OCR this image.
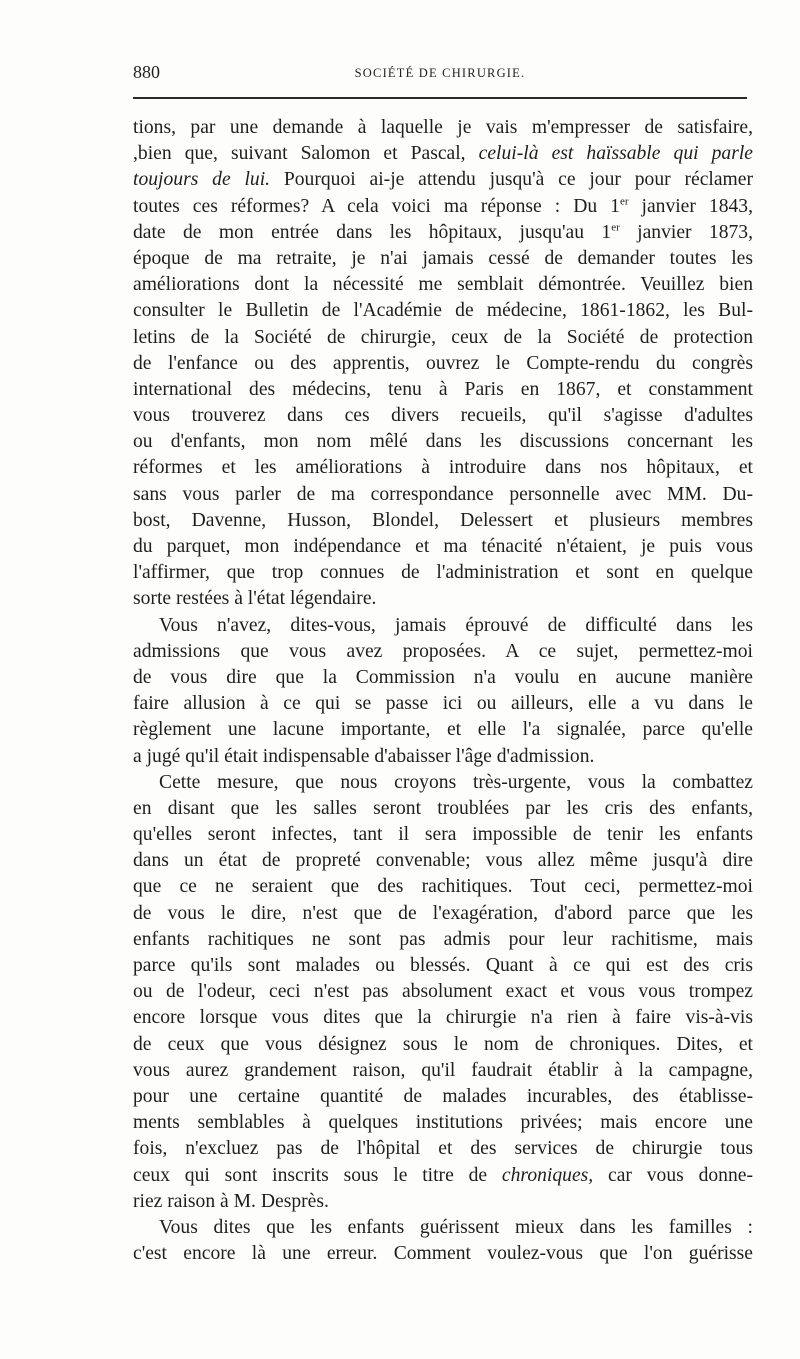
880	SOCIÉTÉ DE CHIRURGIE.
tions, par une demande à laquelle je vais m'empresser de satisfaire,
,bien que, suivant Salomon et Pascal, celui-là est haïssable qui parle
toujours de lui. Pourquoi ai-je attendu jusqu'à ce jour pour réclamer
toutes ces réformes? A cela voici ma réponse : Du 1er janvier 1843,
date de mon entrée dans les hôpitaux, jusqu'au 1er janvier 1873,
époque de ma retraite, je n'ai jamais cessé de demander toutes les
améliorations dont la nécessité me semblait démontrée. Veuillez bien
consulter le Bulletin de l'Académie de médecine, 1861-1862, les Bul-
letins de la Société de chirurgie, ceux de la Société de protection
de l'enfance ou des apprentis, ouvrez le Compte-rendu du congrès
international des médecins, tenu à Paris en 1867, et constamment
vous trouverez dans ces divers recueils, qu'il s'agisse d'adultes
ou d'enfants, mon nom mêlé dans les discussions concernant les
réformes et les améliorations à introduire dans nos hôpitaux, et
sans vous parler de ma correspondance personnelle avec MM. Du-
bost, Davenne, Husson, Blondel, Delessert et plusieurs membres
du parquet, mon indépendance et ma ténacité n'étaient, je puis vous
l'affirmer, que trop connues de l'administration et sont en quelque
sorte restées à l'état légendaire.
Vous n'avez, dites-vous, jamais éprouvé de difficulté dans les
admissions que vous avez proposées. A ce sujet, permettez-moi
de vous dire que la Commission n'a voulu en aucune manière
faire allusion à ce qui se passe ici ou ailleurs, elle a vu dans le
règlement une lacune importante, et elle l'a signalée, parce qu'elle
a jugé qu'il était indispensable d'abaisser l'âge d'admission.
Cette mesure, que nous croyons très-urgente, vous la combattez
en disant que les salles seront troublées par les cris des enfants,
qu'elles seront infectes, tant il sera impossible de tenir les enfants
dans un état de propreté convenable; vous allez même jusqu'à dire
que ce ne seraient que des rachitiques. Tout ceci, permettez-moi
de vous le dire, n'est que de l'exagération, d'abord parce que les
enfants rachitiques ne sont pas admis pour leur rachitisme, mais
parce qu'ils sont malades ou blessés. Quant à ce qui est des cris
ou de l'odeur, ceci n'est pas absolument exact et vous vous trompez
encore lorsque vous dites que la chirurgie n'a rien à faire vis-à-vis
de ceux que vous désignez sous le nom de chroniques. Dites, et
vous aurez grandement raison, qu'il faudrait établir à la campagne,
pour une certaine quantité de malades incurables, des établisse-
ments semblables à quelques institutions privées; mais encore une
fois, n'excluez pas de l'hôpital et des services de chirurgie tous
ceux qui sont inscrits sous le titre de chroniques, car vous donne-
riez raison à M. Desprès.
Vous dites que les enfants guérissent mieux dans les familles :
c'est encore là une erreur. Comment voulez-vous que l'on guérisse
